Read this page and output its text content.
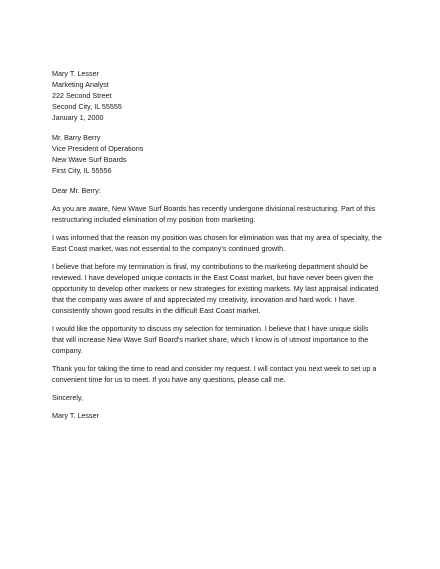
Mary T. Lesser
Marketing Analyst
222 Second Street
Second City, IL 55555
January 1, 2000
Mr. Barry Berry
Vice President of Operations
New Wave Surf Boards
First City, IL 55556
Dear Mr. Berry:
As you are aware, New Wave Surf Boards has recently undergone divisional restructuring. Part of this
restructuring included elimination of my position from marketing.
I was informed that the reason my position was chosen for elimination was that my area of specialty, the
East Coast market, was not essential to the company's continued growth.
I believe that before my termination is final, my contributions to the marketing department should be
reviewed. I have developed unique contacts in the East Coast market, but have never been given the
opportunity to develop other markets or new strategies for existing markets. My last appraisal indicated
that the company was aware of and appreciated my creativity, innovation and hard work. I have
consistently shown good results in the difficult East Coast market.
I would like the opportunity to discuss my selection for termination. I believe that I have unique skills
that will increase New Wave Surf Board's market share, which I know is of utmost importance to the
company.
Thank you for taking the time to read and consider my request. I will contact you next week to set up a
convenient time for us to meet. If you have any questions, please call me.
Sincerely,
Mary T. Lesser
